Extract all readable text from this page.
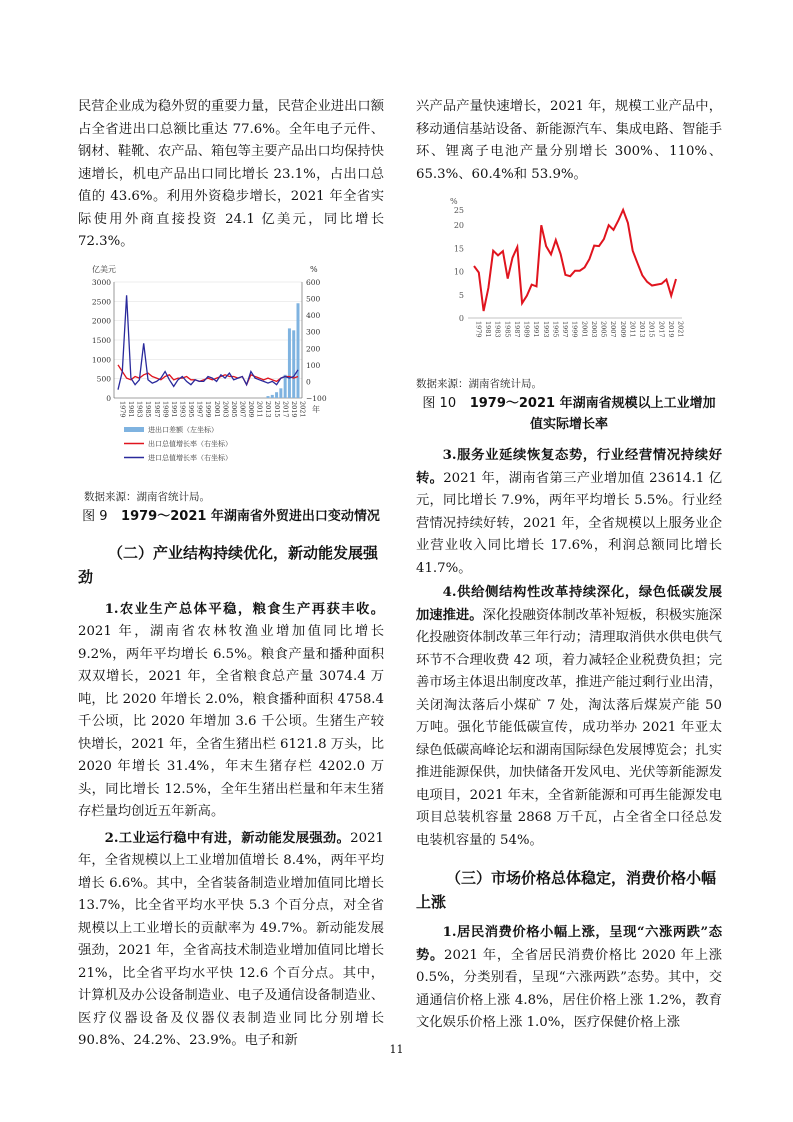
民营企业成为稳外贸的重要力量，民营企业进出口额占全省进出口总额比重达 77.6%。全年电子元件、钢材、鞋靴、农产品、箱包等主要产品出口均保持快速增长，机电产品出口同比增长 23.1%，占出口总值的 43.6%。利用外资稳步增长，2021 年全省实际使用外商直接投资 24.1 亿美元，同比增长 72.3%。

亿美元	%
0
500
1000
1500
2000
2500
3000
−100
0
100
200
300
400
500
600
1979 1981 1983 1985 1987 1989 1991 1993 1995 1997 1999 2001 2003 2005 2007 2009 2011 2013 2015 2017 2019 2021 年
进出口差额（左坐标）
出口总值增长率（右坐标）
进口总值增长率（右坐标）

数据来源：湖南省统计局。

图 9 1979～2021 年湖南省外贸进出口变动情况

（二）产业结构持续优化，新动能发展强劲

1.农业生产总体平稳，粮食生产再获丰收。2021 年，湖南省农林牧渔业增加值同比增长 9.2%，两年平均增长 6.5%。粮食产量和播种面积双双增长，2021 年，全省粮食总产量 3074.4 万吨，比 2020 年增长 2.0%，粮食播种面积 4758.4 千公顷，比 2020 年增加 3.6 千公顷。生猪生产较快增长，2021 年，全省生猪出栏 6121.8 万头，比 2020 年增长 31.4%，年末生猪存栏 4202.0 万头，同比增长 12.5%，全年生猪出栏量和年末生猪存栏量均创近五年新高。

2.工业运行稳中有进，新动能发展强劲。2021 年，全省规模以上工业增加值增长 8.4%，两年平均增长 6.6%。其中，全省装备制造业增加值同比增长 13.7%，比全省平均水平快 5.3 个百分点，对全省规模以上工业增长的贡献率为 49.7%。新动能发展强劲，2021 年，全省高技术制造业增加值同比增长 21%，比全省平均水平快 12.6 个百分点。其中，计算机及办公设备制造业、电子及通信设备制造业、医疗仪器设备及仪器仪表制造业同比分别增长 90.8%、24.2%、23.9%。电子和新

兴产品产量快速增长，2021 年，规模工业产品中，移动通信基站设备、新能源汽车、集成电路、智能手环、锂离子电池产量分别增长 300%、110%、65.3%、60.4%和 53.9%。

%
0
5
10
15
20
25
1979 1981 1983 1985 1987 1989 1991 1993 1995 1997 1999 2001 2003 2005 2007 2009 2011 2013 2015 2017 2019 2021

数据来源：湖南省统计局。

图 10 1979～2021 年湖南省规模以上工业增加值实际增长率

3.服务业延续恢复态势，行业经营情况持续好转。2021 年，湖南省第三产业增加值 23614.1 亿元，同比增长 7.9%，两年平均增长 5.5%。行业经营情况持续好转，2021 年，全省规模以上服务业企业营业收入同比增长 17.6%，利润总额同比增长 41.7%。

4.供给侧结构性改革持续深化，绿色低碳发展加速推进。深化投融资体制改革补短板，积极实施深化投融资体制改革三年行动；清理取消供水供电供气环节不合理收费 42 项，着力减轻企业税费负担；完善市场主体退出制度改革，推进产能过剩行业出清，关闭淘汰落后小煤矿 7 处，淘汰落后煤炭产能 50 万吨。强化节能低碳宣传，成功举办 2021 年亚太绿色低碳高峰论坛和湖南国际绿色发展博览会；扎实推进能源保供，加快储备开发风电、光伏等新能源发电项目，2021 年末，全省新能源和可再生能源发电项目总装机容量 2868 万千瓦，占全省全口径总发电装机容量的 54%。

（三）市场价格总体稳定，消费价格小幅上涨

1.居民消费价格小幅上涨，呈现“六涨两跌”态势。2021 年，全省居民消费价格比 2020 年上涨 0.5%，分类别看，呈现“六涨两跌”态势。其中，交通通信价格上涨 4.8%，居住价格上涨 1.2%，教育文化娱乐价格上涨 1.0%，医疗保健价格上涨

11
